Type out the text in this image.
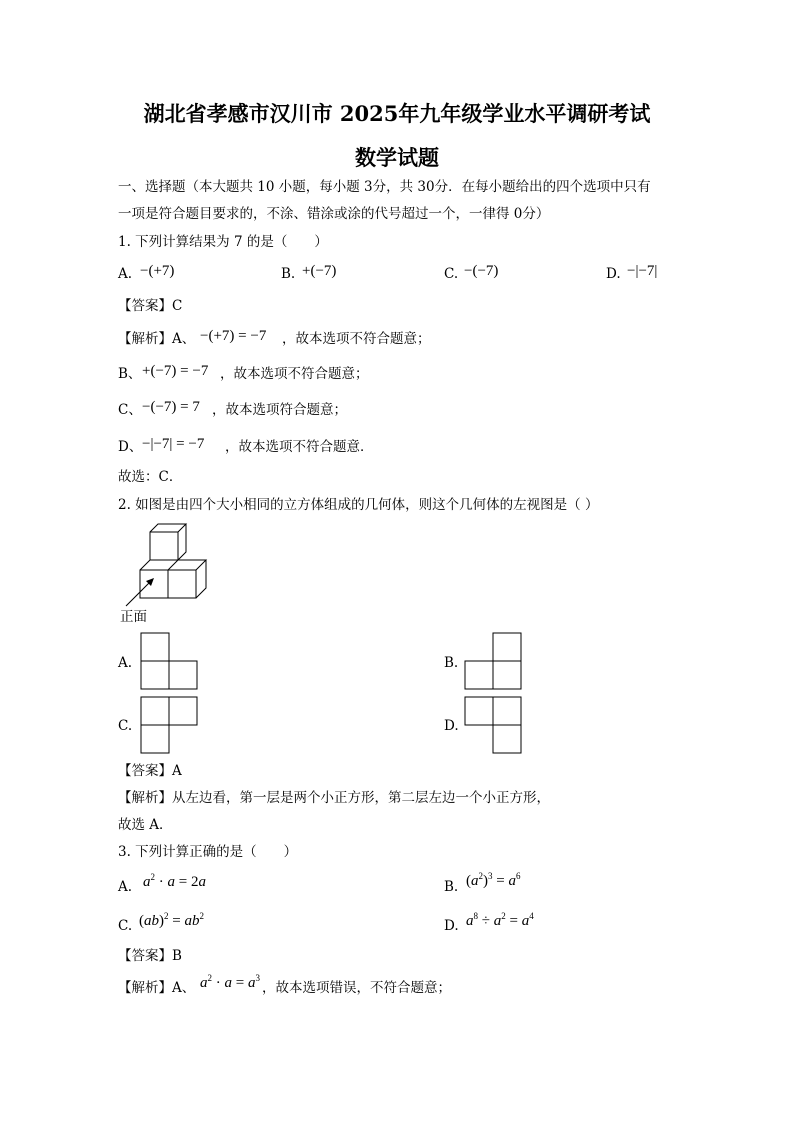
湖北省孝感市汉川市 2025年九年级学业水平调研考试
数学试题
一、选择题（本大题共 10 小题，每小题 3分，共 30分．在每小题给出的四个选项中只有
一项是符合题目要求的，不涂、错涂或涂的代号超过一个，一律得 0分）
1. 下列计算结果为 7 的是（　　）
A. −(+7)	B. +(−7)	C. −(−7)	D. −|−7|
【答案】C
【解析】A、 −(+7) = −7 ，故本选项不符合题意；
B、 +(−7) = −7 ，故本选项不符合题意；
C、 −(−7) = 7 ，故本选项符合题意；
D、 −|−7| = −7 ，故本选项不符合题意．
故选：C．
2. 如图是由四个大小相同的立方体组成的几何体，则这个几何体的左视图是（ ）
正面
A.	B.
C.	D.
【答案】A
【解析】从左边看，第一层是两个小正方形，第二层左边一个小正方形，
故选 A．
3. 下列计算正确的是（　　）
A. $a^2 \cdot a = 2a$	B. $(a^2)^3 = a^6$
C. $(ab)^2 = ab^2$
D. $a^8 \div a^2 = a^4$
【答案】B
【解析】A、 $a^2 \cdot a = a^3$
，故本选项错误，不符合题意；
